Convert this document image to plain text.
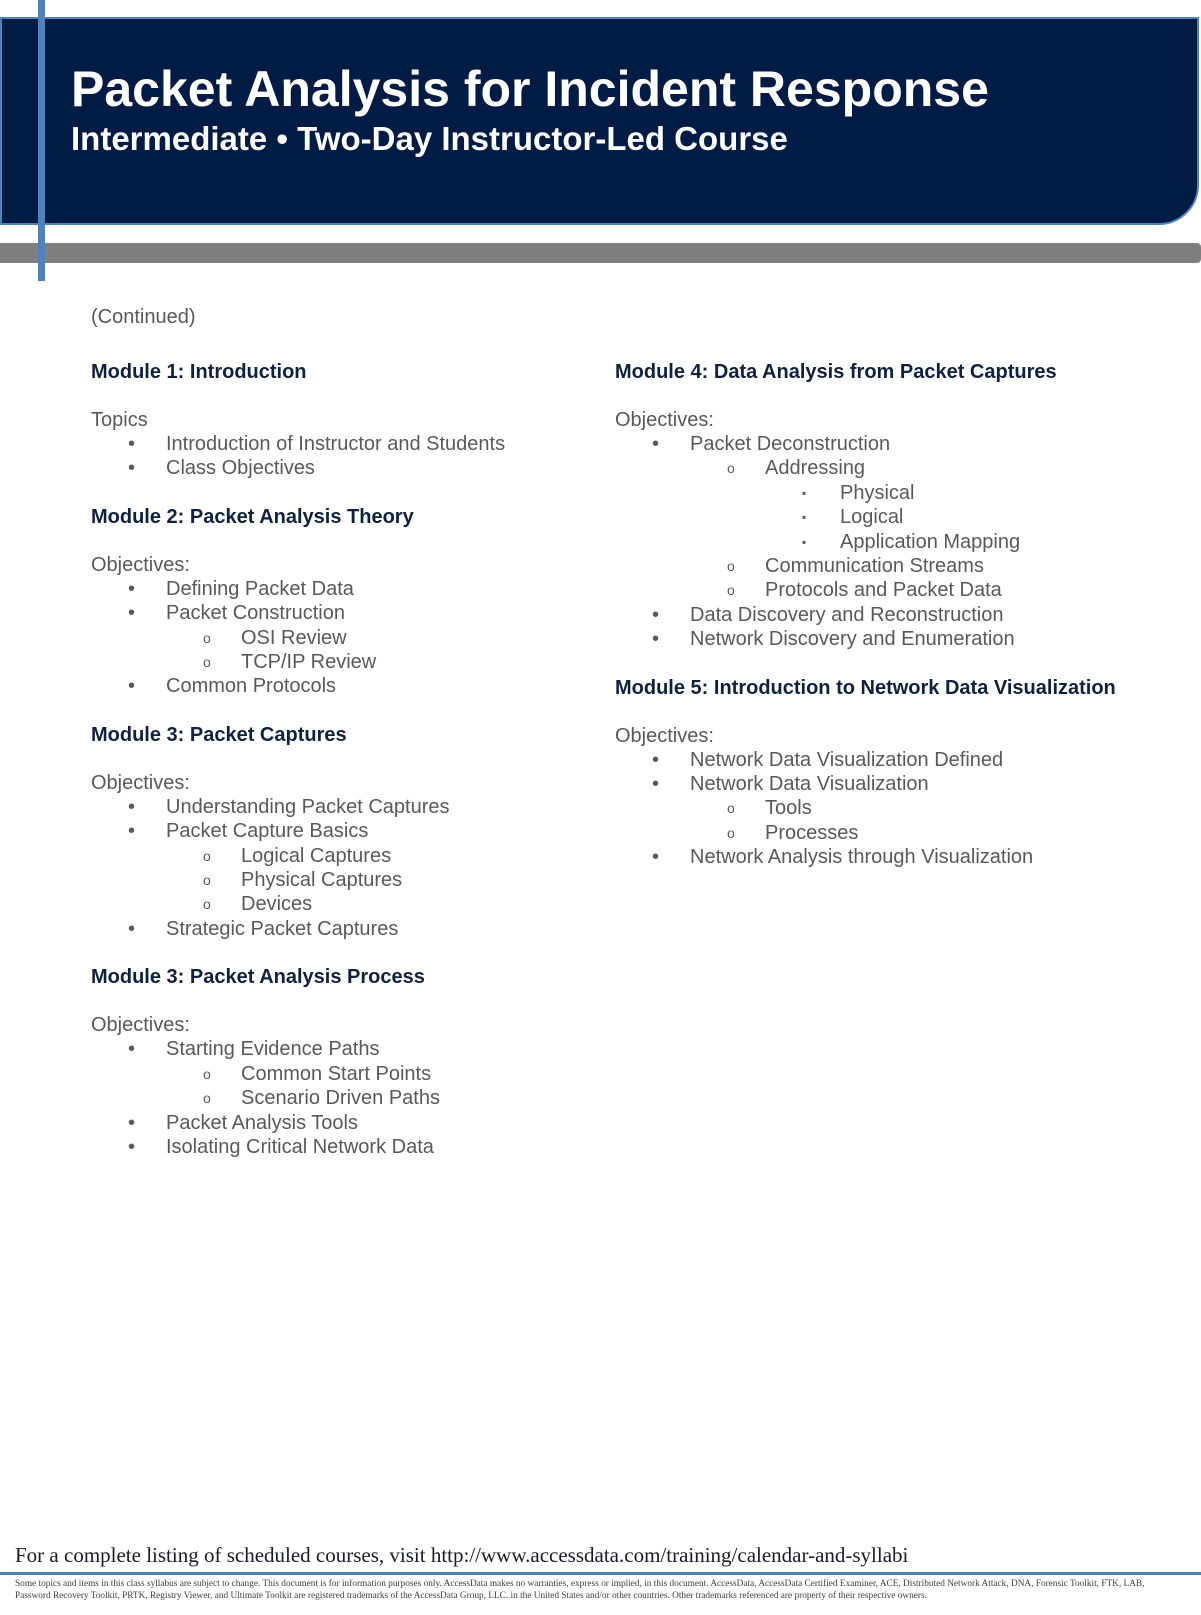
Packet Analysis for Incident Response
Intermediate • Two-Day Instructor-Led Course
(Continued)
Module 1: Introduction
Topics
• Introduction of Instructor and Students
• Class Objectives
Module 2: Packet Analysis Theory
Objectives:
• Defining Packet Data
• Packet Construction
o OSI Review
o TCP/IP Review
• Common Protocols
Module 3: Packet Captures
Objectives:
• Understanding Packet Captures
• Packet Capture Basics
o Logical Captures
o Physical Captures
o Devices
• Strategic Packet Captures
Module 3: Packet Analysis Process
Objectives:
• Starting Evidence Paths
o Common Start Points
o Scenario Driven Paths
• Packet Analysis Tools
• Isolating Critical Network Data
Module 4: Data Analysis from Packet Captures
Objectives:
• Packet Deconstruction
o Addressing
▪ Physical
▪ Logical
▪ Application Mapping
o Communication Streams
o Protocols and Packet Data
• Data Discovery and Reconstruction
• Network Discovery and Enumeration
Module 5: Introduction to Network Data Visualization
Objectives:
• Network Data Visualization Defined
• Network Data Visualization
o Tools
o Processes
• Network Analysis through Visualization
For a complete listing of scheduled courses, visit http://www.accessdata.com/training/calendar-and-syllabi
Some topics and items in this class syllabus are subject to change. This document is for information purposes only. AccessData makes no warranties, express or implied, in this document. AccessData, AccessData Certified Examiner, ACE, Distributed Network Attack, DNA, Forensic Toolkit, FTK, LAB, Password Recovery Toolkit, PRTK, Registry Viewer, and Ultimate Toolkit are registered trademarks of the AccessData Group, LLC. in the United States and/or other countries. Other trademarks referenced are property of their respective owners.
